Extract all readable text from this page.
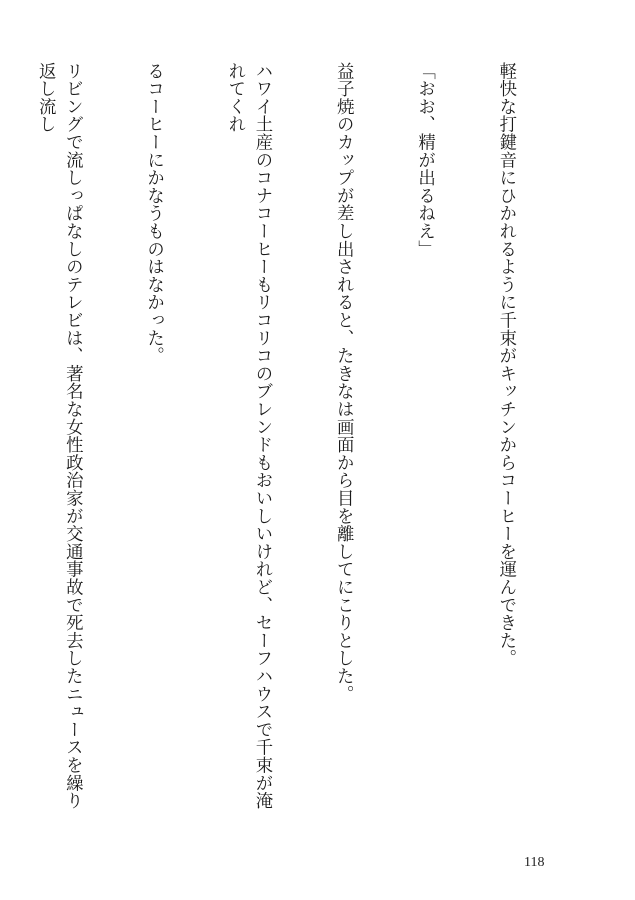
軽快な打鍵音にひかれるように千束がキッチンからコーヒーを運んできた。

「おお、精が出るねえ」

益子焼のカップが差し出されると、たきなは画面から目を離してにこりとした。

ハワイ土産のコナコーヒーもリコリコのブレンドもおいしいけれど、セーフハウスで千束が淹れてくれ

るコーヒーにかなうものはなかった。

リビングで流しっぱなしのテレビは、著名な女性政治家が交通事故で死去したニュースを繰り返し流し

118
